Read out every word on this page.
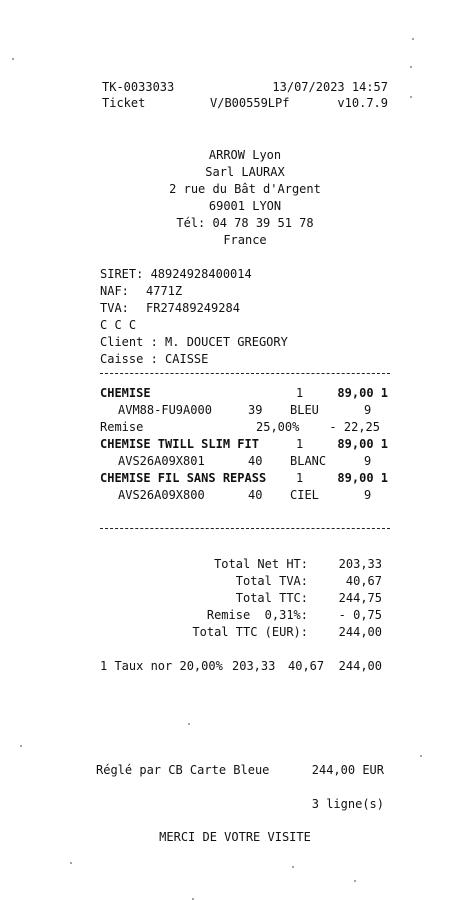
TK-0033033	13/07/2023 14:57
Ticket	V/B00559LPf	v10.7.9
ARROW Lyon
Sarl LAURAX
2 rue du Bât d'Argent
69001 LYON
Tél: 04 78 39 51 78
France
SIRET: 48924928400014
NAF: 4771Z
TVA: FR27489249284
C C C
Client : M. DOUCET GREGORY
Caisse : CAISSE
CHEMISE	1	89,00 1
AVM88-FU9A000	39 BLEU	9
Remise	25,00%	- 22,25
CHEMISE TWILL SLIM FIT	1	89,00 1
AVS26A09X801	40 BLANC	9
CHEMISE FIL SANS REPASS 1	89,00 1
AVS26A09X800	40 CIEL	9
Total Net HT:	203,33
Total TVA:	40,67
Total TTC:	244,75
Remise  0,31%:	- 0,75
Total TTC (EUR):	244,00
1 Taux nor 20,00% 203,33 40,67	244,00
Réglé par CB Carte Bleue	244,00 EUR
3 ligne(s)
MERCI DE VOTRE VISITE
